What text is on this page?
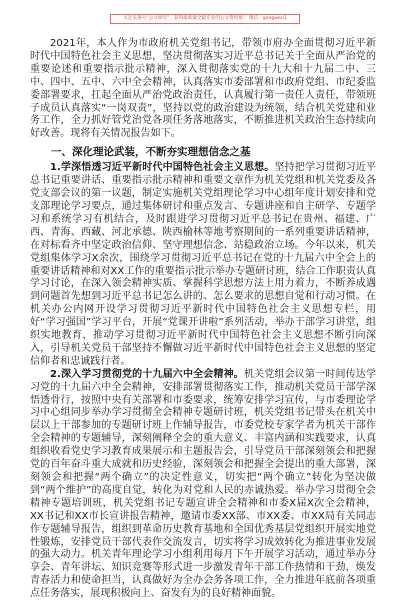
关注头条号“公文研究”，获得最新最全最专业的公文资料推！ 微信：gongwen1

2021年，本人作为市政府机关党组书记，带领市府办全面贯彻习近平新时代中国特色社会主义思想，坚决贯彻落实习近平总书记关于全面从严治党的重要论述和重要指示批示精神，深入贯彻落实党的十九大和十九届二中、三中、四中、五中、六中全会精神，认真落实市委部署和市政府党组、市纪委监委部署要求，扛起全面从严治党政治责任，认真履行第一责任人责任，带领班子成员认真落实“一岗双责”，坚持以党的政治建设为统领，结合机关党建和业务工作，全力抓好管党治党各项任务落地落实，不断推进机关政治生态持续向好改善。现将有关情况报告如下。

一、深化理论武装，不断夯实理想信念之基

1.学深悟透习近平新时代中国特色社会主义思想。坚持把学习贯彻习近平总书记重要讲话、重要指示批示精神和重要文章作为机关党组和机关党委及各党支部会议的第一议题，制定实施机关党组理论学习中心组年度计划安排和党支部理论学习要点，通过集体研讨和重点发言、专题讲座和自主研学、专题学习和系统学习有机结合，及时跟进学习贯彻习近平总书记在贵州、福建、广西、青海、西藏、河北承德、陕西榆林等地考察期间的一系列重要讲话精神，在对标看齐中坚定政治信仰、坚守理想信念、站稳政治立场。今年以来，机关党组集体学习X余次，围绕学习贯彻习近平总书记在党的十九届六中全会上的重要讲话精神和对XX工作的重要指示批示举办专题研讨班，结合工作职责认真学习讨论，在深入领会精神实质、掌握科学思想方法上用力着力，不断养成遇到问题首先想到习近平总书记怎么讲的、怎么要求的思想自觉和行动习惯。在机关办公内网开设学习贯彻习近平新时代中国特色社会主义思想专栏，用好“学习强国”学习平台，开展“党课开讲啦”系列活动，举办干部学习讲堂，组织实地教育，推动学习贯彻习近平新时代中国特色社会主义思想不断引向深入，引导机关党员干部坚持不懈做习近平新时代中国特色社会主义思想的坚定信仰者和忠诚践行者。

2.深入学习贯彻党的十九届六中全会精神。机关党组会议第一时间传达学习党的十九届六中全会精神，安排部署贯彻落实工作，推动机关党员干部学深悟透骨行，按照中央有关部署和市委要求，统筹安排学习宣传，与市委理论学习中心组同步举办学习贯彻全会精神专题研讨班，机关党组书记带头在机关中层以上干部参加的专题研讨班上作辅导报告，市委党校专家学者为机关干部作全会精神的专题辅导，深刻阐释全会的重大意义、丰富内涵和实践要求，认真组织收看党史学习教育成果展示和主题报告会，引导党员干部深刻领会和把握党的百年奋斗重大成就和历史经验，深刻领会和把握全会提出的重大部署，深刻领会和把握“两个确立”的决定性意义，切实把“两个确立”转化为坚决做到“两个维护”的高度自觉，转化为对党和人民的赤诚热爱。举办学习贯彻全会精神专题培训班，机关党组书记专题宣讲全会精神和市委X届X次全会精神，XX书记和XX市长宣讲报告精神，邀请市委XX部、市XX委、市XX局有关同志作专题辅导报告，组织到革命历史教育基地和全国优秀基层党组织开展实地党性锻炼，安排党员干部代表作交流发言，切实将学习成效转化为推进事业发展的强大动力。机关青年理论学习小组利用每月下午开展学习活动，通过举办分享会、青年讲坛、知识竞赛等形式进一步激发青年干部工作热情和干劲，焕发青春活力和使命担当，认真做好为全办会务各项工作，全力推进年底前各项重点任务落实，展现积极向上、奋发有为的良好精神面貌。
